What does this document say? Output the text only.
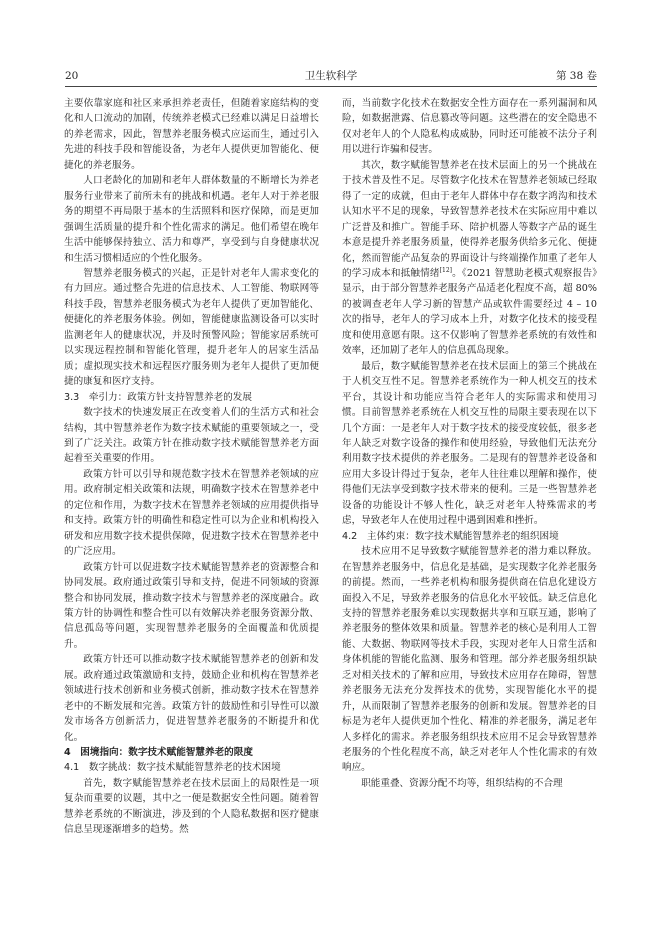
20	卫生软科学	第 38 卷

主要依靠家庭和社区来承担养老责任，但随着家庭结构的变化和人口流动的加剧，传统养老模式已经难以满足日益增长的养老需求，因此，智慧养老服务模式应运而生，通过引入先进的科技手段和智能设备，为老年人提供更加智能化、便捷化的养老服务。

人口老龄化的加剧和老年人群体数量的不断增长为养老服务行业带来了前所未有的挑战和机遇。老年人对于养老服务的期望不再局限于基本的生活照料和医疗保障，而是更加强调生活质量的提升和个性化需求的满足。他们希望在晚年生活中能够保持独立、活力和尊严，享受到与自身健康状况和生活习惯相适应的个性化服务。

智慧养老服务模式的兴起，正是针对老年人需求变化的有力回应。通过整合先进的信息技术、人工智能、物联网等科技手段，智慧养老服务模式为老年人提供了更加智能化、便捷化的养老服务体验。例如，智能健康监测设备可以实时监测老年人的健康状况，并及时预警风险；智能家居系统可以实现远程控制和智能化管理，提升老年人的居家生活品质；虚拟现实技术和远程医疗服务则为老年人提供了更加便捷的康复和医疗支持。

3.3　牵引力：政策方针支持智慧养老的发展

数字技术的快速发展正在改变着人们的生活方式和社会结构，其中智慧养老作为数字技术赋能的重要领域之一，受到了广泛关注。政策方针在推动数字技术赋能智慧养老方面起着至关重要的作用。

政策方针可以引导和规范数字技术在智慧养老领域的应用。政府制定相关政策和法规，明确数字技术在智慧养老中的定位和作用，为数字技术在智慧养老领域的应用提供指导和支持。政策方针的明确性和稳定性可以为企业和机构投入研发和应用数字技术提供保障，促进数字技术在智慧养老中的广泛应用。

政策方针可以促进数字技术赋能智慧养老的资源整合和协同发展。政府通过政策引导和支持，促进不同领域的资源整合和协同发展，推动数字技术与智慧养老的深度融合。政策方针的协调性和整合性可以有效解决养老服务资源分散、信息孤岛等问题，实现智慧养老服务的全面覆盖和优质提升。

政策方针还可以推动数字技术赋能智慧养老的创新和发展。政府通过政策激励和支持，鼓励企业和机构在智慧养老领域进行技术创新和业务模式创新，推动数字技术在智慧养老中的不断发展和完善。政策方针的鼓励性和引导性可以激发市场各方创新活力，促进智慧养老服务的不断提升和优化。

4　困境指向：数字技术赋能智慧养老的限度

4.1　数字挑战：数字技术赋能智慧养老的技术困境

首先，数字赋能智慧养老在技术层面上的局限性是一项复杂而重要的议题，其中之一便是数据安全性问题。随着智慧养老系统的不断演进，涉及到的个人隐私数据和医疗健康信息呈现逐渐增多的趋势。然

而，当前数字化技术在数据安全性方面存在一系列漏洞和风险，如数据泄露、信息篡改等问题。这些潜在的安全隐患不仅对老年人的个人隐私构成威胁，同时还可能被不法分子利用以进行诈骗和侵害。

其次，数字赋能智慧养老在技术层面上的另一个挑战在于技术普及性不足。尽管数字化技术在智慧养老领域已经取得了一定的成就，但由于老年人群体中存在数字鸿沟和技术认知水平不足的现象，导致智慧养老技术在实际应用中难以广泛普及和推广。智能手环、陪护机器人等数字产品的诞生本意是提升养老服务质量，使得养老服务供给多元化、便捷化，然而智能产品复杂的界面设计与终端操作加重了老年人的学习成本和抵触情绪[12]。《2021 智慧助老模式观察报告》显示，由于部分智慧养老服务产品适老化程度不高，超 80% 的被调查老年人学习新的智慧产品或软件需要经过 4 – 10 次的指导，老年人的学习成本上升，对数字化技术的接受程度和使用意愿有限。这不仅影响了智慧养老系统的有效性和效率，还加剧了老年人的信息孤岛现象。

最后，数字赋能智慧养老在技术层面上的第三个挑战在于人机交互性不足。智慧养老系统作为一种人机交互的技术平台，其设计和功能应当符合老年人的实际需求和使用习惯。目前智慧养老系统在人机交互性的局限主要表现在以下几个方面：一是老年人对于数字技术的接受度较低，很多老年人缺乏对数字设备的操作和使用经验，导致他们无法充分利用数字技术提供的养老服务。二是现有的智慧养老设备和应用大多设计得过于复杂，老年人往往难以理解和操作，使得他们无法享受到数字技术带来的便利。三是一些智慧养老设备的功能设计不够人性化，缺乏对老年人特殊需求的考虑，导致老年人在使用过程中遇到困难和挫折。

4.2　主体约束：数字技术赋能智慧养老的组织困境

技术应用不足导致数字赋能智慧养老的潜力难以释放。在智慧养老服务中，信息化是基础，是实现数字化养老服务的前提。然而，一些养老机构和服务提供商在信息化建设方面投入不足，导致养老服务的信息化水平较低。缺乏信息化支持的智慧养老服务难以实现数据共享和互联互通，影响了养老服务的整体效果和质量。智慧养老的核心是利用人工智能、大数据、物联网等技术手段，实现对老年人日常生活和身体机能的智能化监测、服务和管理。部分养老服务组织缺乏对相关技术的了解和应用，导致技术应用存在障碍，智慧养老服务无法充分发挥技术的优势，实现智能化水平的提升，从而限制了智慧养老服务的创新和发展。智慧养老的目标是为老年人提供更加个性化、精准的养老服务，满足老年人多样化的需求。养老服务组织技术应用不足会导致智慧养老服务的个性化程度不高，缺乏对老年人个性化需求的有效响应。

职能重叠、资源分配不均等，组织结构的不合理
